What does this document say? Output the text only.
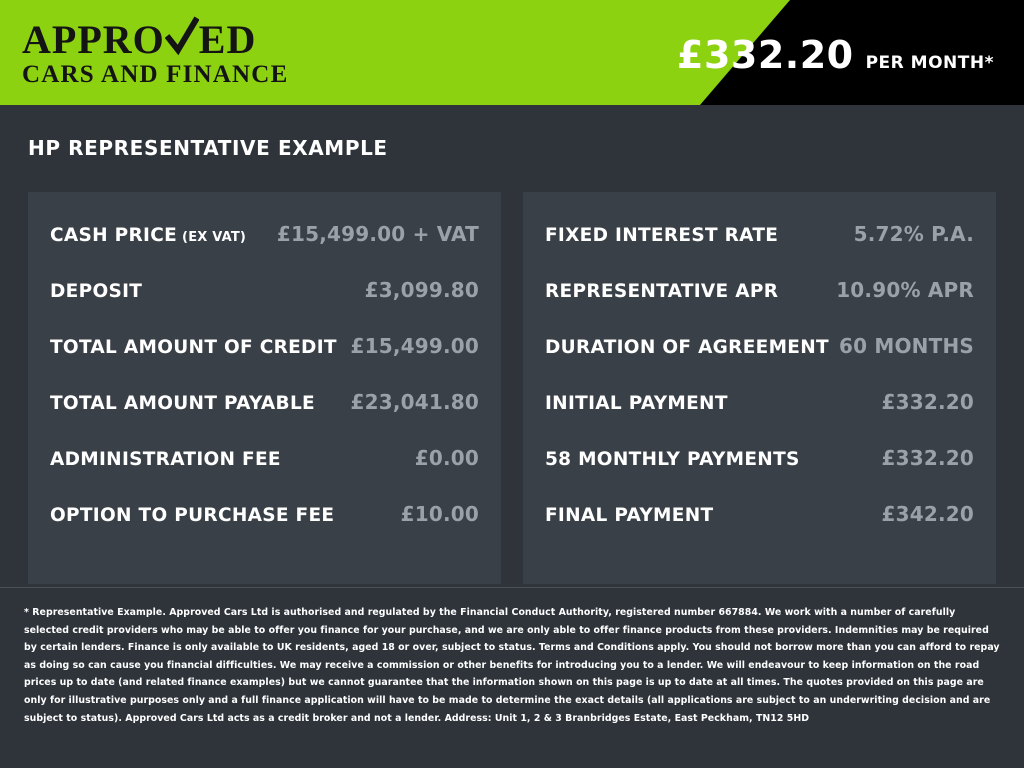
APPRO ED
CARS AND FINANCE	£332.20 PER MONTH*
HP REPRESENTATIVE EXAMPLE
CASH PRICE (EX VAT) £15,499.00 + VAT
DEPOSIT	£3,099.80
TOTAL AMOUNT OF CREDIT £15,499.00
TOTAL AMOUNT PAYABLE £23,041.80
ADMINISTRATION FEE	£0.00
OPTION TO PURCHASE FEE	£10.00
FIXED INTEREST RATE	5.72% P.A.
REPRESENTATIVE APR	10.90% APR
DURATION OF AGREEMENT 60 MONTHS
INITIAL PAYMENT	£332.20
58 MONTHLY PAYMENTS	£332.20
FINAL PAYMENT	£342.20
* Representative Example. Approved Cars Ltd is authorised and regulated by the Financial Conduct Authority, registered number 667884. We work with a number of carefully selected credit providers who may be able to offer you finance for your purchase, and we are only able to offer finance products from these providers. Indemnities may be required by certain lenders. Finance is only available to UK residents, aged 18 or over, subject to status. Terms and Conditions apply. You should not borrow more than you can afford to repay as doing so can cause you financial difficulties. We may receive a commission or other benefits for introducing you to a lender. We will endeavour to keep information on the road prices up to date (and related finance examples) but we cannot guarantee that the information shown on this page is up to date at all times. The quotes provided on this page are only for illustrative purposes only and a full finance application will have to be made to determine the exact details (all applications are subject to an underwriting decision and are subject to status). Approved Cars Ltd acts as a credit broker and not a lender. Address: Unit 1, 2 & 3 Branbridges Estate, East Peckham, TN12 5HD
